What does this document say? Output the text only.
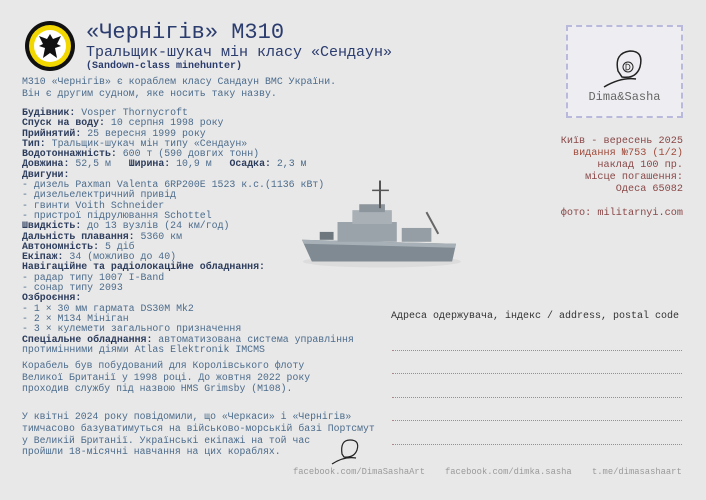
«Чернігів» М310
Тральщик-шукач мін класу «Сендаун»
(Sandown-class minehunter)
М310 «Чернігів» є кораблем класу Сандаун ВМС України.
Він є другим судном, яке носить таку назву.
Будівник: Vosper Thornycroft
Спуск на воду: 10 серпня 1998 року
Прийнятий: 25 вересня 1999 року
Тип: Тральщик-шукач мін типу «Сендаун»
Водотоннажність: 600 т (590 довгих тонн)
Довжина: 52,5 м   Ширина: 10,9 м   Осадка: 2,3 м
Двигуни:
- дизель Paxman Valenta 6RP200E 1523 к.с.(1136 кВт)
- дизельелектричний привід
- гвинти Voith Schneider
- пристрої підрулювання Schottel
Швидкість: до 13 вузлів (24 км/год)
Дальність плавання: 5360 км
Автономність: 5 діб
Екіпаж: 34 (можливо до 40)
Навігаційне та радіолокаційне обладнання:
- радар типу 1007 I-Band
- сонар типу 2093
Озброєння:
- 1 × 30 мм гармата DS30M Mk2
- 2 × M134 Мініган
- 3 × кулемети загального призначення
Спеціальне обладнання: автоматизована система управління
протимінними діями Atlas Elektronik IMCMS
Корабель був побудований для Королівського флоту
Великої Британії у 1998 році. До жовтня 2022 року
проходив службу під назвою HMS Grimsby (M108).
У квітні 2024 року повідомили, що «Черкаси» і «Чернігів»
тимчасово базуватимуться на військово-морській базі Портсмут
у Великій Британії. Українські екіпажі на той час
пройшли 18-місячні навчання на цих кораблях.
Dima&Sasha
Київ - вересень 2025
видання №753 (1/2)
наклад 100 пр.
місце погашення:
Одеса 65082
фото: militarnyi.com
Адреса одержувача, індекс / address, postal code
facebook.com/DimaSashaArt facebook.com/dimka.sasha t.me/dimasashaart
